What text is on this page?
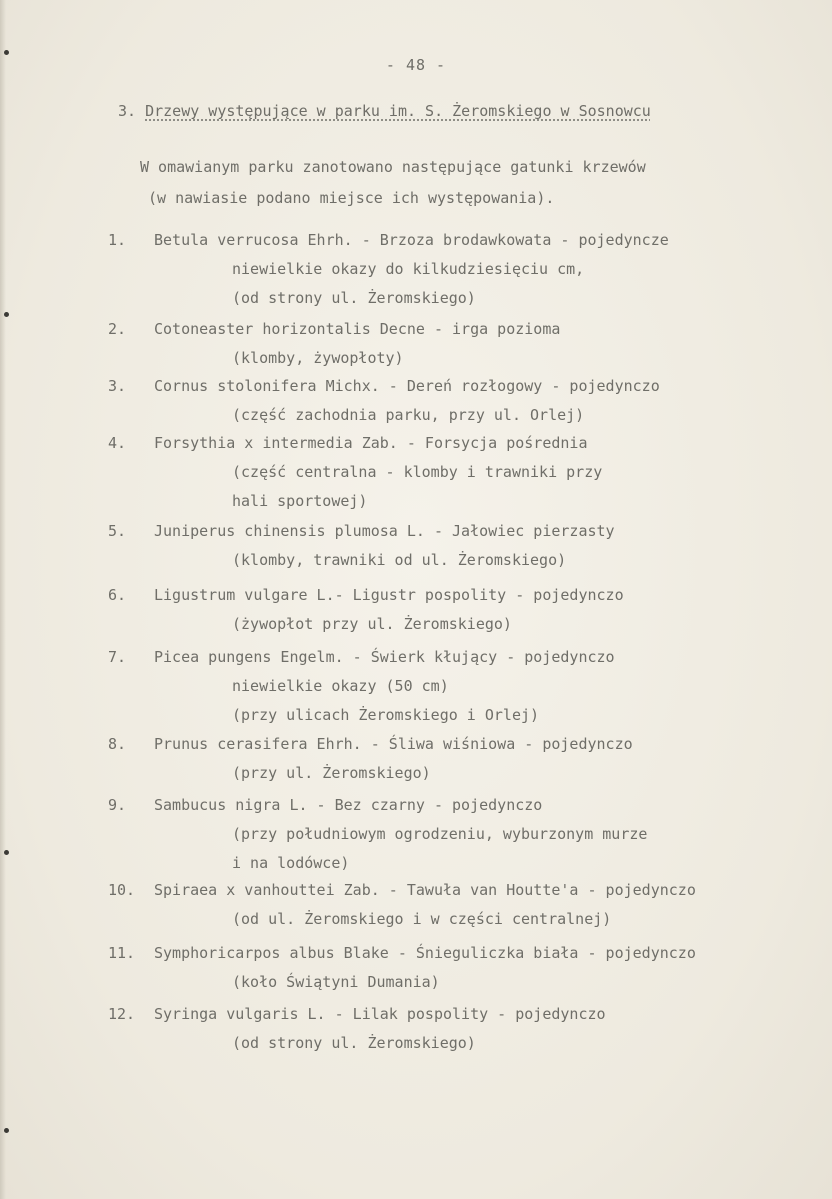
- 48 -
3. Drzewy występujące w parku im. S. Żeromskiego w Sosnowcu
W omawianym parku zanotowano następujące gatunki krzewów
(w nawiasie podano miejsce ich występowania).
1. Betula verrucosa Ehrh. - Brzoza brodawkowata - pojedyncze
niewielkie okazy do kilkudziesięciu cm,
(od strony ul. Żeromskiego)
2. Cotoneaster horizontalis Decne - irga pozioma
(klomby, żywopłoty)
3. Cornus stolonifera Michx. - Dereń rozłogowy - pojedynczo
(część zachodnia parku, przy ul. Orlej)
4. Forsythia x intermedia Zab. - Forsycja pośrednia
(część centralna - klomby i trawniki przy
hali sportowej)
5. Juniperus chinensis plumosa L. - Jałowiec pierzasty
(klomby, trawniki od ul. Żeromskiego)
6. Ligustrum vulgare L.- Ligustr pospolity - pojedynczo
(żywopłot przy ul. Żeromskiego)
7. Picea pungens Engelm. - Świerk kłujący - pojedynczo
niewielkie okazy (50 cm)
(przy ulicach Żeromskiego i Orlej)
8. Prunus cerasifera Ehrh. - Śliwa wiśniowa - pojedynczo
(przy ul. Żeromskiego)
9. Sambucus nigra L. - Bez czarny - pojedynczo
(przy południowym ogrodzeniu, wyburzonym murze
i na lodówce)
10. Spiraea x vanhouttei Zab. - Tawuła van Houtte'a - pojedynczo
(od ul. Żeromskiego i w części centralnej)
11. Symphoricarpos albus Blake - Śnieguliczka biała - pojedynczo
(koło Świątyni Dumania)
12. Syringa vulgaris L. - Lilak pospolity - pojedynczo
(od strony ul. Żeromskiego)
